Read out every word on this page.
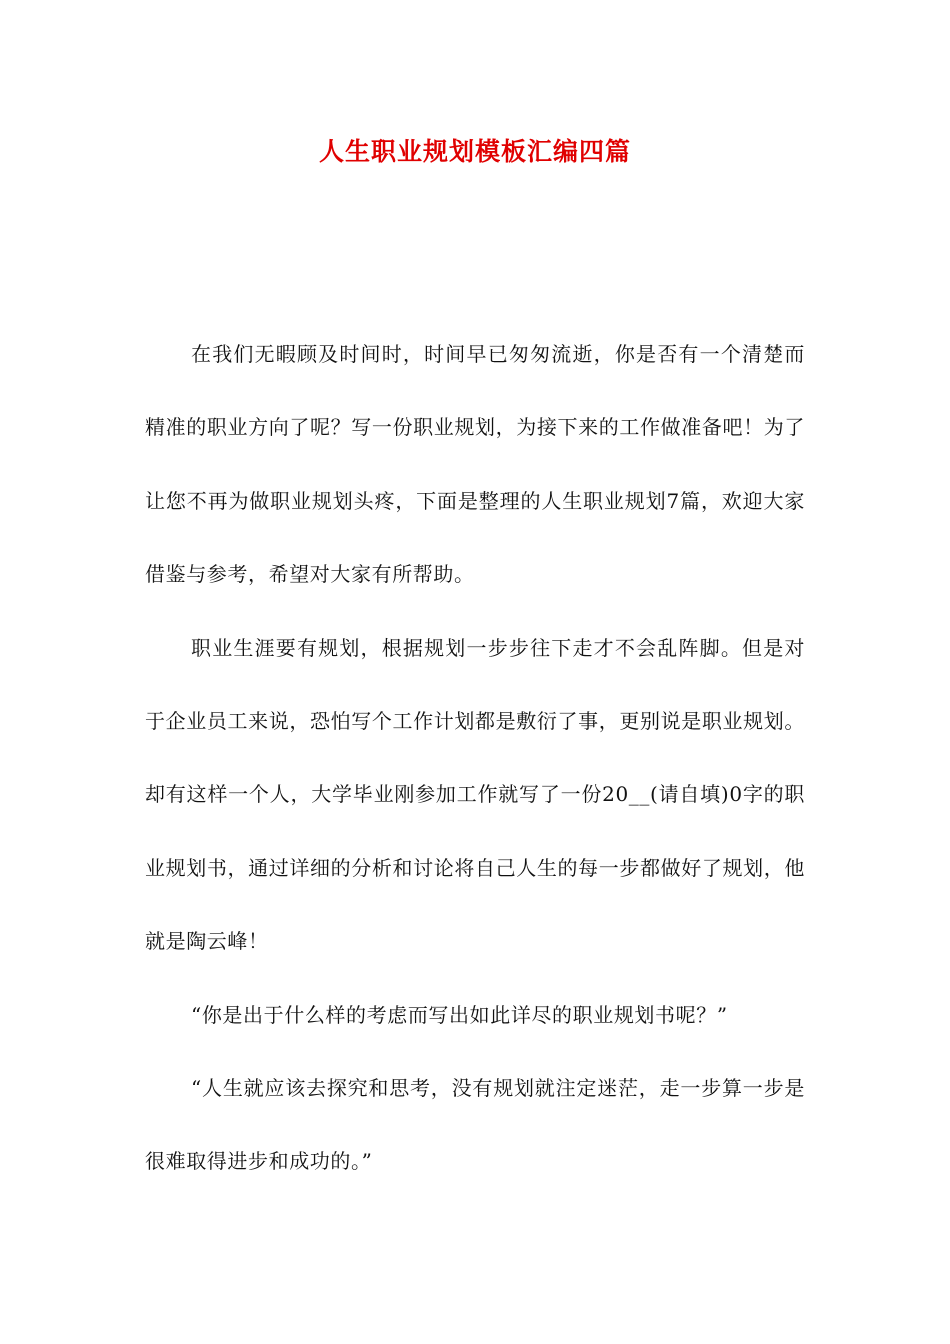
人生职业规划模板汇编四篇

在我们无暇顾及时间时，时间早已匆匆流逝，你是否有一个清楚而精准的职业方向了呢？写一份职业规划，为接下来的工作做准备吧！为了让您不再为做职业规划头疼，下面是整理的人生职业规划7篇，欢迎大家借鉴与参考，希望对大家有所帮助。

职业生涯要有规划，根据规划一步步往下走才不会乱阵脚。但是对于企业员工来说，恐怕写个工作计划都是敷衍了事，更别说是职业规划。却有这样一个人，大学毕业刚参加工作就写了一份20__(请自填)0字的职业规划书，通过详细的分析和讨论将自己人生的每一步都做好了规划，他就是陶云峰！

“你是出于什么样的考虑而写出如此详尽的职业规划书呢？”

“人生就应该去探究和思考，没有规划就注定迷茫，走一步算一步是很难取得进步和成功的。”
